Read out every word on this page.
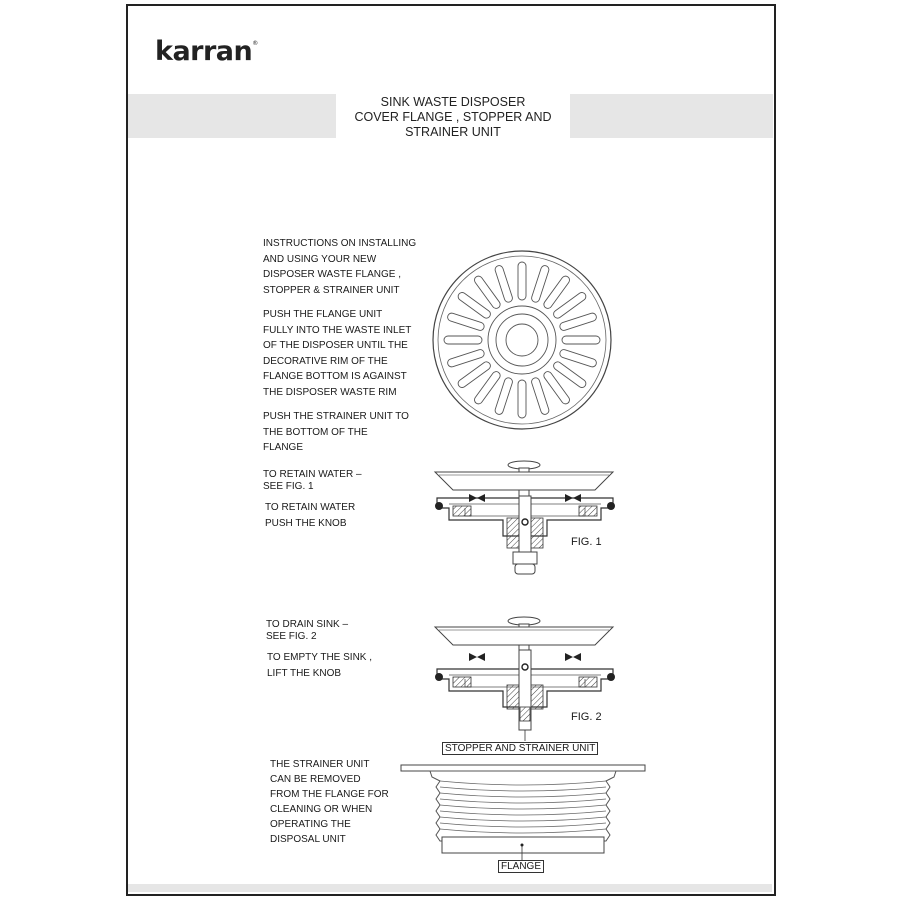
karran®
SINK WASTE DISPOSER
COVER FLANGE , STOPPER AND
STRAINER UNIT
INSTRUCTIONS ON INSTALLING
AND USING YOUR NEW
DISPOSER WASTE FLANGE ,
STOPPER & STRAINER UNIT
PUSH THE FLANGE UNIT
FULLY INTO THE WASTE INLET
OF THE DISPOSER UNTIL THE
DECORATIVE RIM OF THE
FLANGE BOTTOM IS AGAINST
THE DISPOSER WASTE RIM
PUSH THE STRAINER UNIT TO
THE BOTTOM OF THE
FLANGE
TO RETAIN WATER –
SEE FIG. 1
TO RETAIN WATER
PUSH THE KNOB
TO DRAIN SINK –
SEE FIG. 2
TO EMPTY THE SINK ,
LIFT THE KNOB
THE STRAINER UNIT
CAN BE REMOVED
FROM THE FLANGE FOR
CLEANING OR WHEN
OPERATING THE
DISPOSAL UNIT
FIG. 1
FIG. 2
STOPPER AND STRAINER UNIT
FLANGE
